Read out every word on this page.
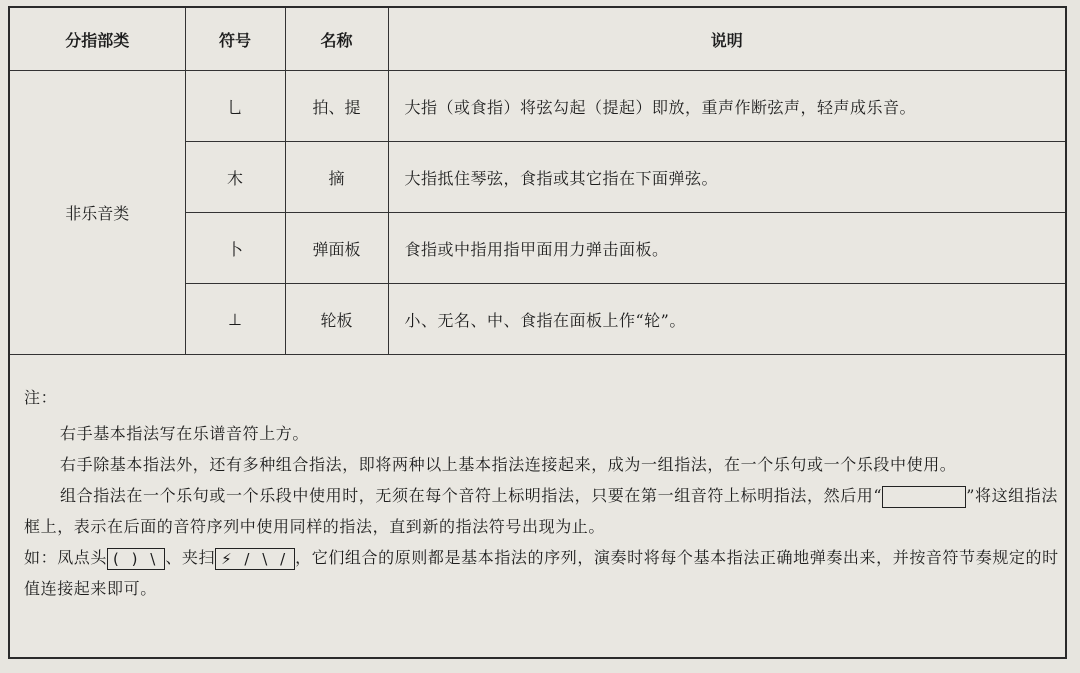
分指部类	符号	名称	说明
非乐音类	乚	拍、提	大指（或食指）将弦勾起（提起）即放，重声作断弦声，轻声成乐音。
	木	摘	大指抵住琴弦，食指或其它指在下面弹弦。
	卜	弹面板	食指或中指用指甲面用力弹击面板。
	⊥	轮板	小、无名、中、食指在面板上作“轮”。

注：

右手基本指法写在乐谱音符上方。

右手除基本指法外，还有多种组合指法，即将两种以上基本指法连接起来，成为一组指法，在一个乐句或一个乐段中使用。

组合指法在一个乐句或一个乐段中使用时，无须在每个音符上标明指法，只要在第一组音符上标明指法，然后用“	”将这组指法框上，表示在后面的音符序列中使用同样的指法，直到新的指法符号出现为止。

如：凤点头 ( ) \ 、夹扫 ⚡ / \ / ，它们组合的原则都是基本指法的序列，演奏时将每个基本指法正确地弹奏出来，并按音符节奏规定的时值连接起来即可。
